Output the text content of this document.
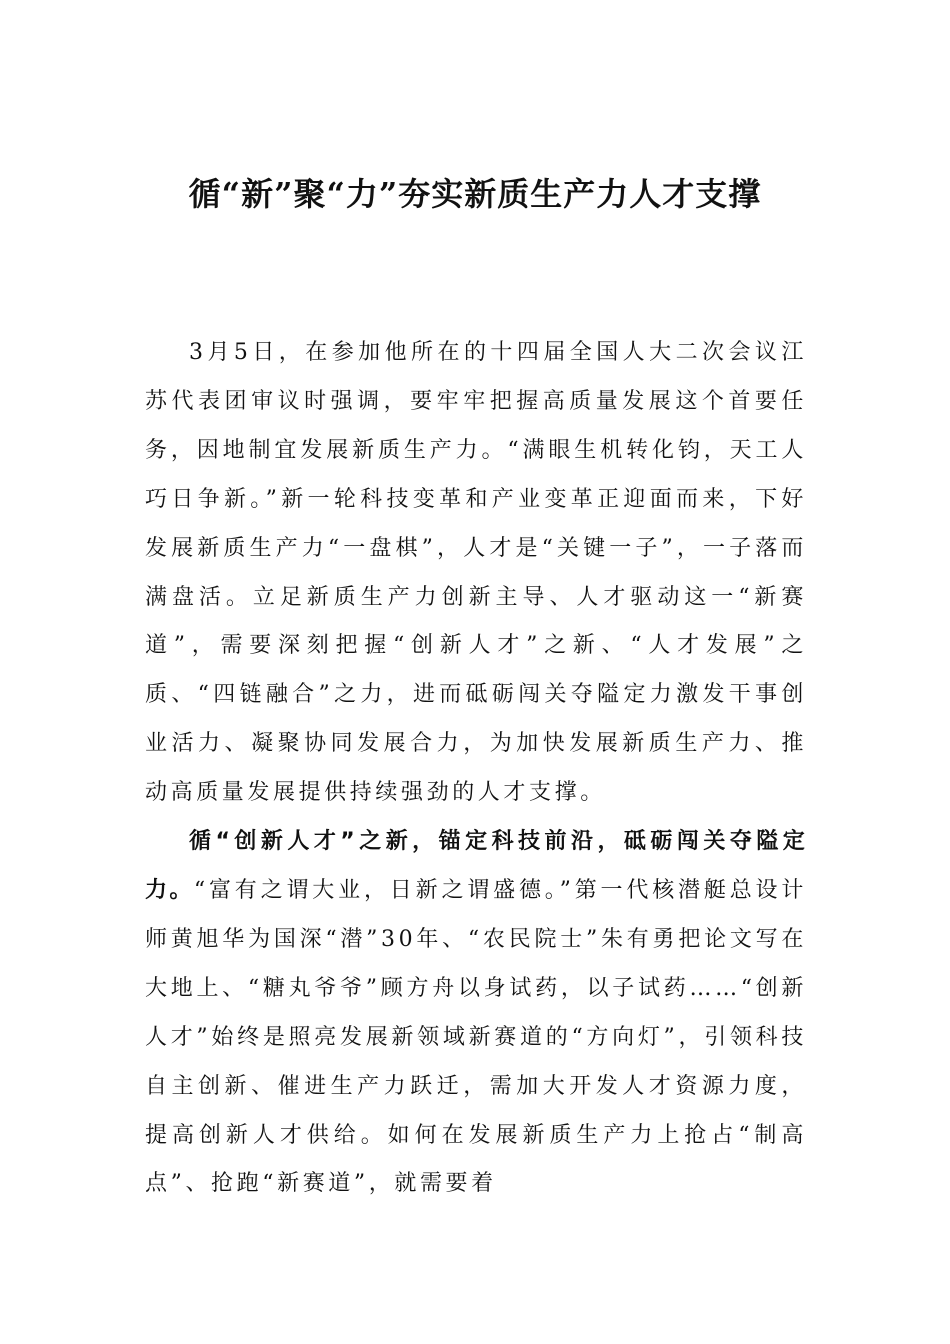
循“新”聚“力”夯实新质生产力人才支撑

3月5日，在参加他所在的十四届全国人大二次会议江苏代表团审议时强调，要牢牢把握高质量发展这个首要任务，因地制宜发展新质生产力。“满眼生机转化钧，天工人巧日争新。”新一轮科技变革和产业变革正迎面而来，下好发展新质生产力“一盘棋”，人才是“关键一子”，一子落而满盘活。立足新质生产力创新主导、人才驱动这一“新赛道”，需要深刻把握“创新人才”之新、“人才发展”之质、“四链融合”之力，进而砥砺闯关夺隘定力激发干事创业活力、凝聚协同发展合力，为加快发展新质生产力、推动高质量发展提供持续强劲的人才支撑。

循“创新人才”之新，锚定科技前沿，砥砺闯关夺隘定力。“富有之谓大业，日新之谓盛德。”第一代核潜艇总设计师黄旭华为国深“潜”30年、“农民院士”朱有勇把论文写在大地上、“糖丸爷爷”顾方舟以身试药，以子试药……“创新人才”始终是照亮发展新领域新赛道的“方向灯”，引领科技自主创新、催进生产力跃迁，需加大开发人才资源力度，提高创新人才供给。如何在发展新质生产力上抢占“制高点”、抢跑“新赛道”，就需要着
